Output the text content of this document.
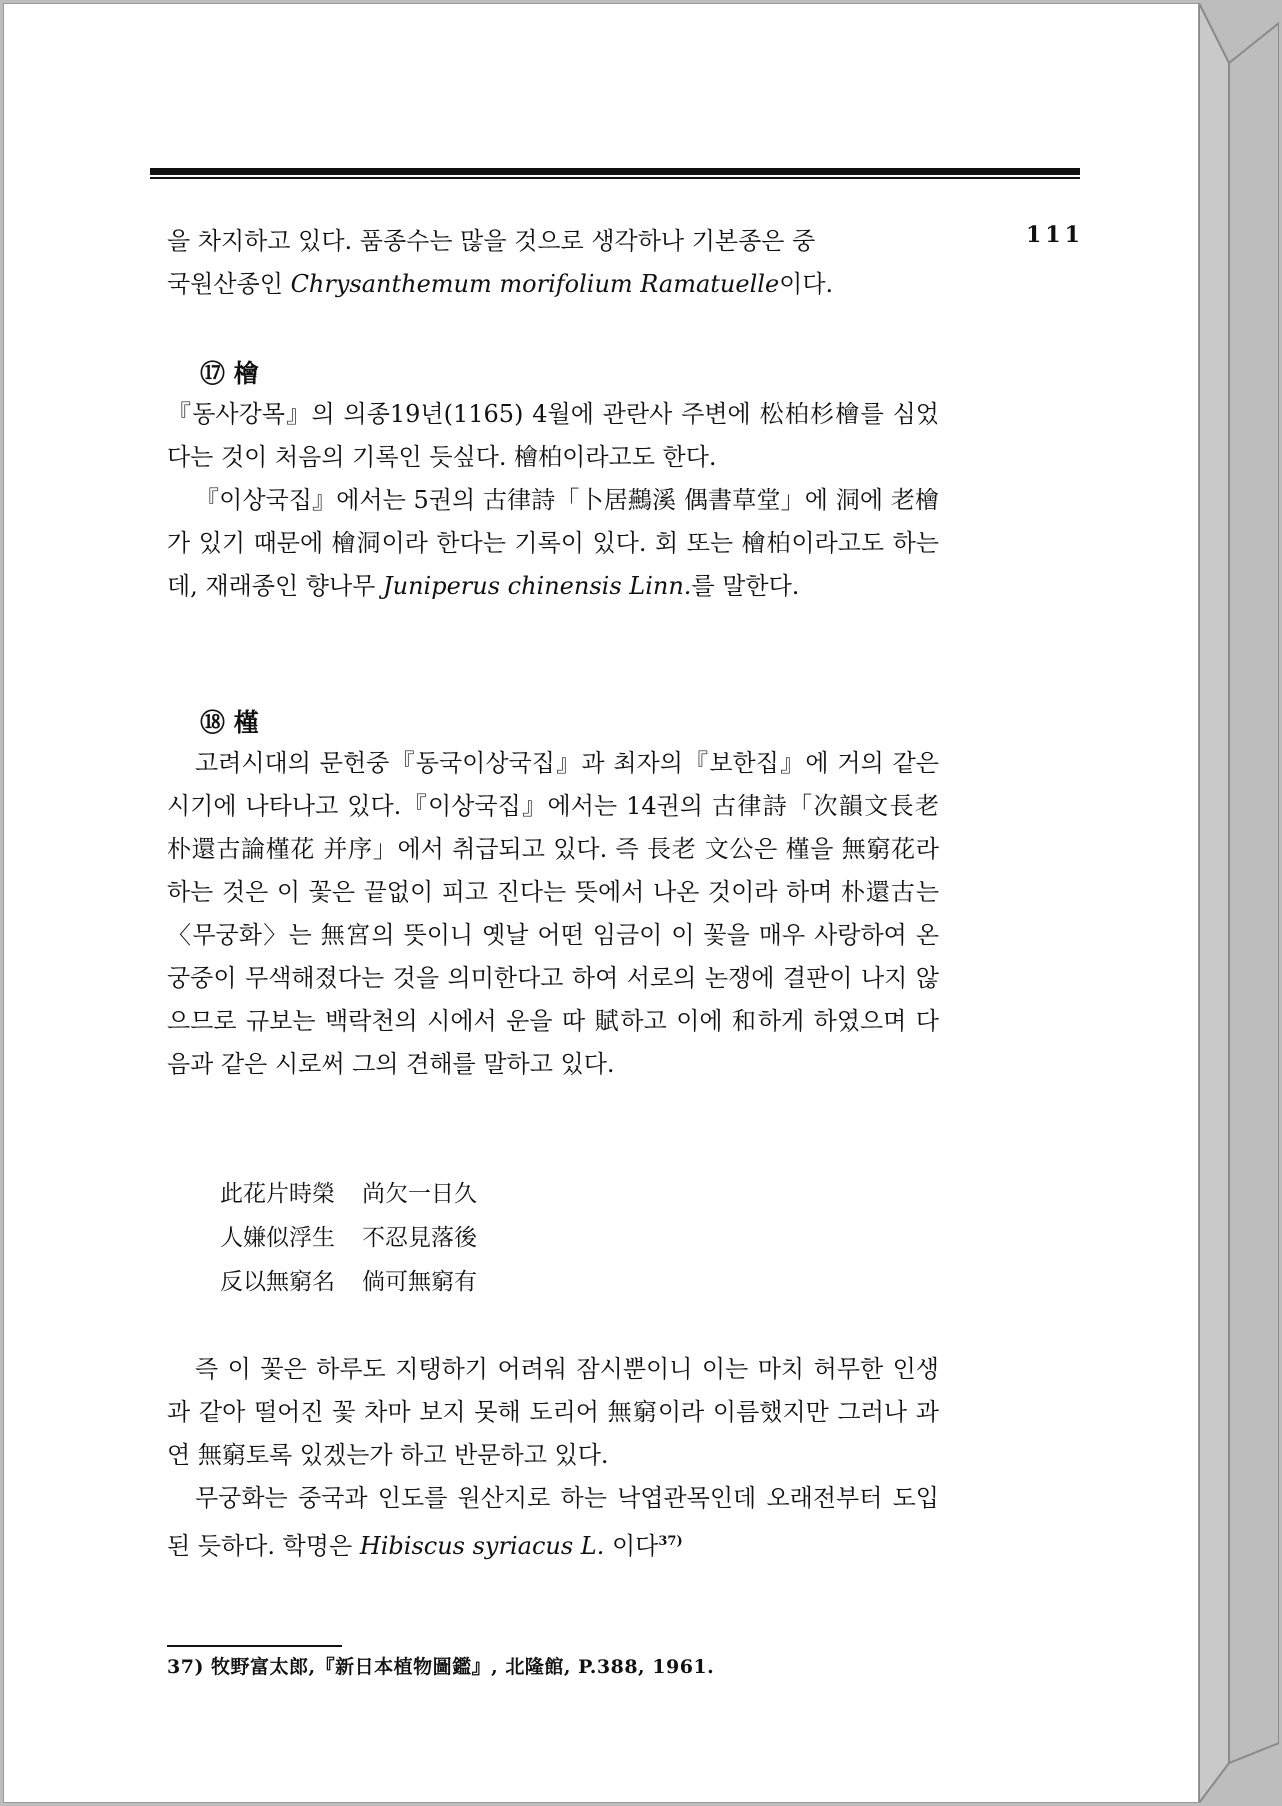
111

을 차지하고 있다. 품종수는 많을 것으로 생각하나 기본종은 중

국원산종인 Chrysanthemum morifolium Ramatuelle이다.

⑰ 檜

『동사강목』의 의종19년(1165) 4월에 관란사 주변에 松柏杉檜를 심었다는 것이 처음의 기록인 듯싶다. 檜柏이라고도 한다.

『이상국집』에서는 5권의 古律詩「卜居䴏溪 偶書草堂」에 洞에 老檜가 있기 때문에 檜洞이라 한다는 기록이 있다. 회 또는 檜柏이라고도 하는데, 재래종인 향나무 Juniperus chinensis Linn.를 말한다.

⑱ 槿

고려시대의 문헌중『동국이상국집』과 최자의『보한집』에 거의 같은 시기에 나타나고 있다.『이상국집』에서는 14권의 古律詩「次韻文長老朴還古論槿花 并序」에서 취급되고 있다. 즉 長老 文公은 槿을 無窮花라 하는 것은 이 꽃은 끝없이 피고 진다는 뜻에서 나온 것이라 하며 朴還古는〈무궁화〉는 無宮의 뜻이니 옛날 어떤 임금이 이 꽃을 매우 사랑하여 온 궁중이 무색해졌다는 것을 의미한다고 하여 서로의 논쟁에 결판이 나지 않으므로 규보는 백락천의 시에서 운을 따 賦하고 이에 和하게 하였으며 다음과 같은 시로써 그의 견해를 말하고 있다.

此花片時榮 尚欠一日久
人嫌似浮生 不忍見落後
反以無窮名 倘可無窮有

즉 이 꽃은 하루도 지탱하기 어려워 잠시뿐이니 이는 마치 허무한 인생과 같아 떨어진 꽃 차마 보지 못해 도리어 無窮이라 이름했지만 그러나 과연 無窮토록 있겠는가 하고 반문하고 있다.

무궁화는 중국과 인도를 원산지로 하는 낙엽관목인데 오래전부터 도입된 듯하다. 학명은 Hibiscus syriacus L. 이다$^{37)}$

37) 牧野富太郎,『新日本植物圖鑑』, 北隆館, P.388, 1961.
